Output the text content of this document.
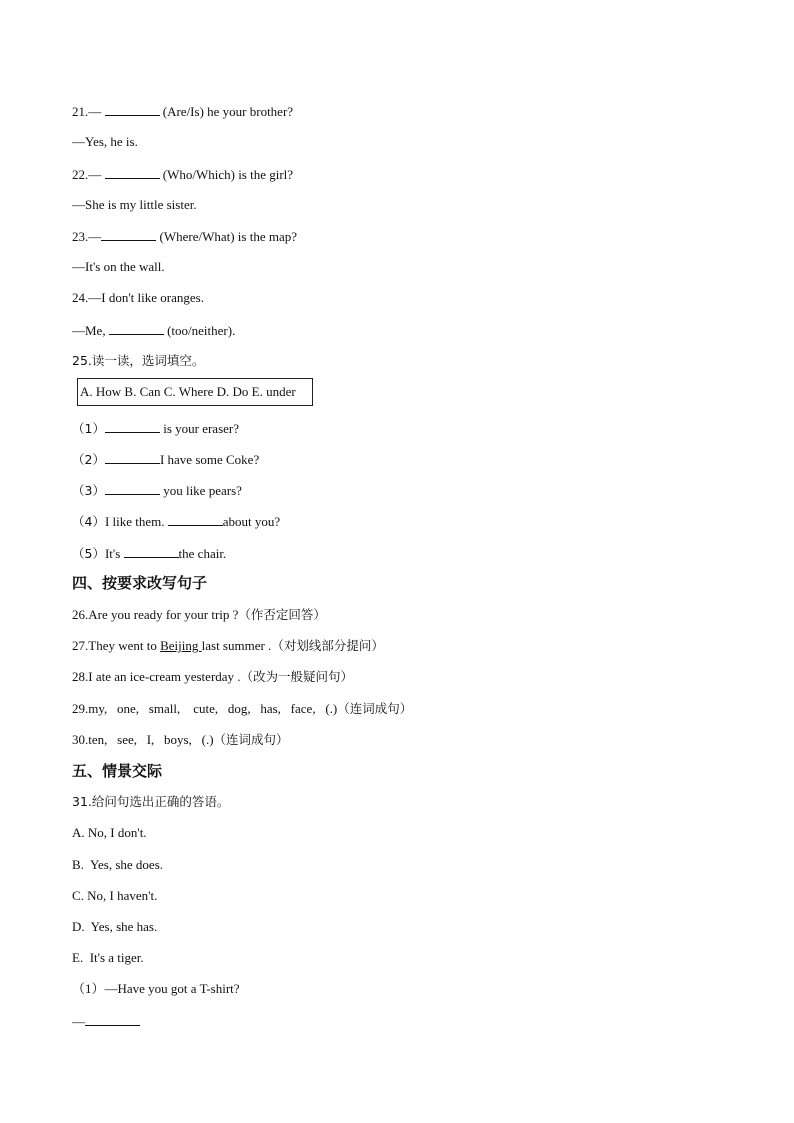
21.—	(Are/Is) he your brother?
—Yes, he is.
22.—	(Who/Which) is the girl?
—She is my little sister.
23.—	(Where/What) is the map?
—It's on the wall.
24.—I don't like oranges.
—Me,	(too/neither).
25.读一读，选词填空。
A. How B. Can C. Where D. Do E. under
（1）	is your eraser?
（2）	I have some Coke?
（3）	you like pears?
（4）I like them.	about you?
（5）It's	the chair.
四、按要求改写句子
26.Are you ready for your trip ?（作否定回答）
27.They went to Beijing last summer .（对划线部分提问）
28.I ate an ice-cream yesterday .（改为一般疑问句）
29.my,   one,   small,    cute,   dog,   has,   face,   (.)（连词成句）
30.ten,   see,   I,   boys,   (.)（连词成句）
五、情景交际
31.给问句选出正确的答语。
A. No, I don't.
B.  Yes, she does.
C. No, I haven't.
D.  Yes, she has.
E.  It's a tiger.
（1）—Have you got a T-shirt?
—
